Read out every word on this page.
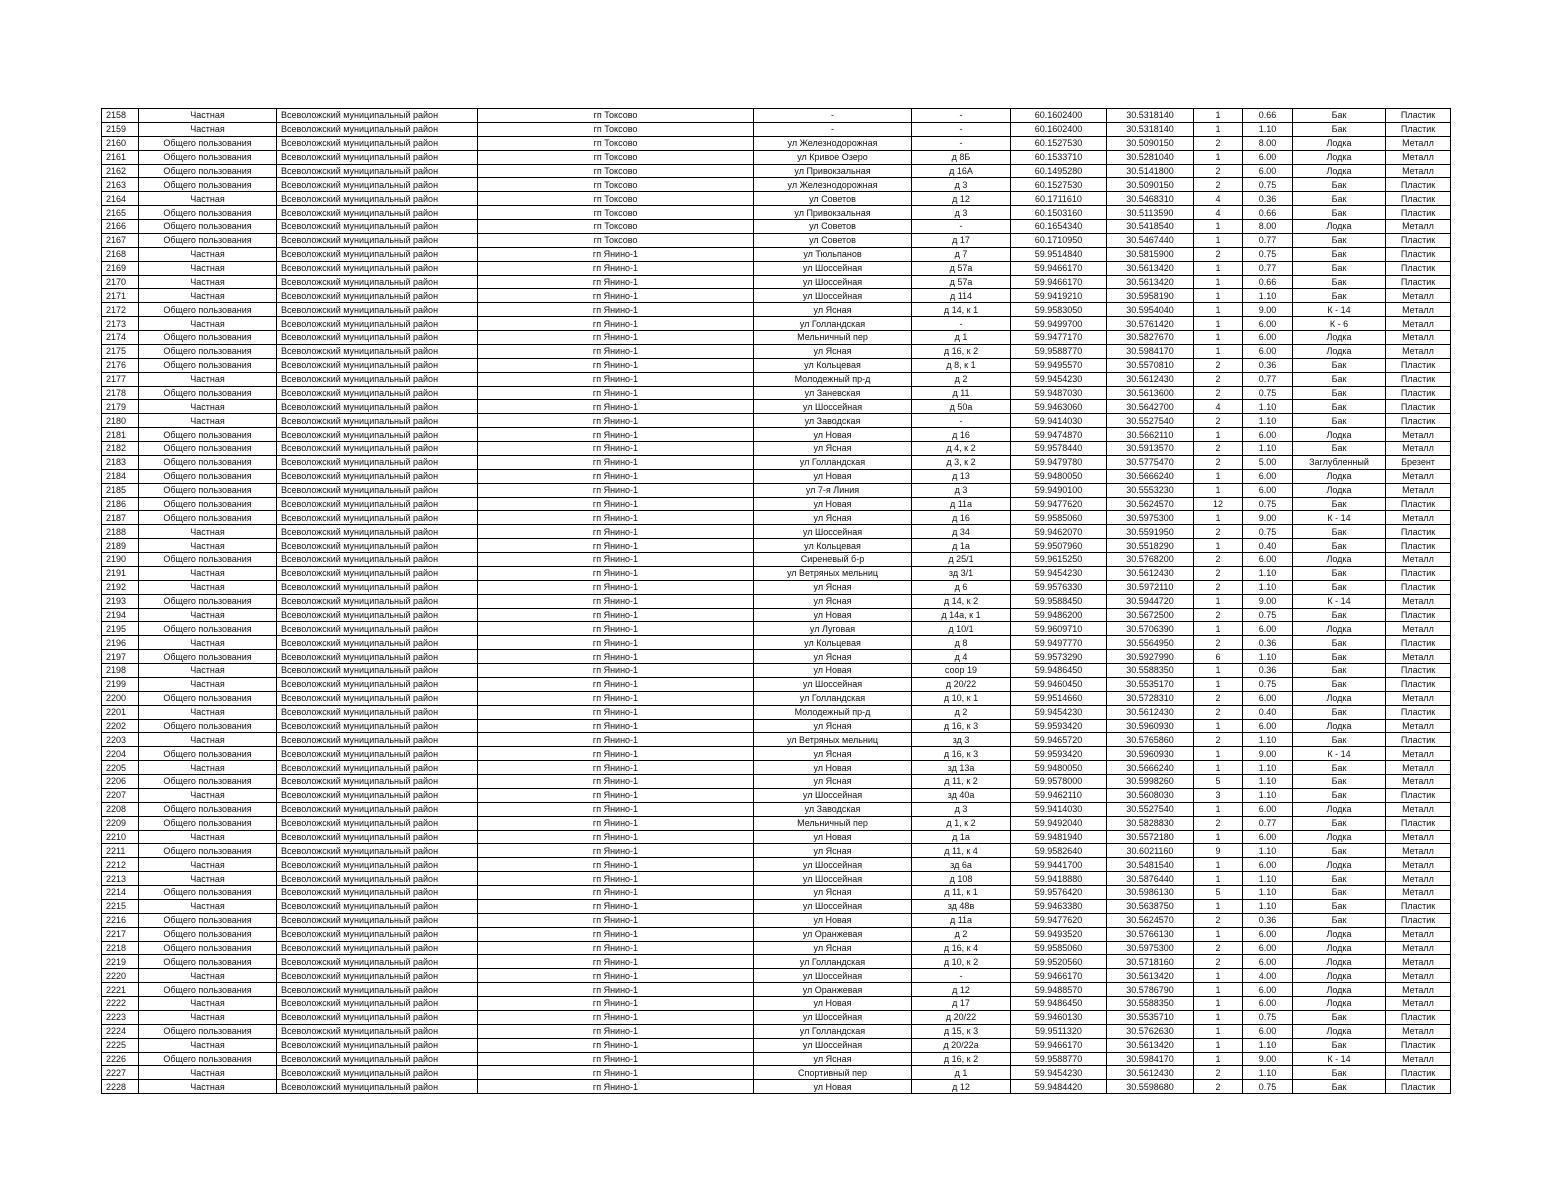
2158	Частная	Всеволожский муниципальный район	гп Токсово	-	-	60.1602400	30.5318140	1	0.66	Бак	Пластик
2159	Частная	Всеволожский муниципальный район	гп Токсово	-	-	60.1602400	30.5318140	1	1.10	Бак	Пластик
2160	Общего пользования	Всеволожский муниципальный район	гп Токсово	ул Железнодорожная	-	60.1527530	30.5090150	2	8.00	Лодка	Металл
2161	Общего пользования	Всеволожский муниципальный район	гп Токсово	ул Кривое Озеро	д 8Б	60.1533710	30.5281040	1	6.00	Лодка	Металл
2162	Общего пользования	Всеволожский муниципальный район	гп Токсово	ул Привокзальная	д 16А	60.1495280	30.5141800	2	6.00	Лодка	Металл
2163	Общего пользования	Всеволожский муниципальный район	гп Токсово	ул Железнодорожная	д 3	60.1527530	30.5090150	2	0.75	Бак	Пластик
2164	Частная	Всеволожский муниципальный район	гп Токсово	ул Советов	д 12	60.1711610	30.5468310	4	0.36	Бак	Пластик
2165	Общего пользования	Всеволожский муниципальный район	гп Токсово	ул Привокзальная	д 3	60.1503160	30.5113590	4	0.66	Бак	Пластик
2166	Общего пользования	Всеволожский муниципальный район	гп Токсово	ул Советов	-	60.1654340	30.5418540	1	8.00	Лодка	Металл
2167	Общего пользования	Всеволожский муниципальный район	гп Токсово	ул Советов	д 17	60.1710950	30.5467440	1	0.77	Бак	Пластик
2168	Частная	Всеволожский муниципальный район	гп Янино-1	ул Тюльпанов	д 7	59.9514840	30.5815900	2	0.75	Бак	Пластик
2169	Частная	Всеволожский муниципальный район	гп Янино-1	ул Шоссейная	д 57а	59.9466170	30.5613420	1	0.77	Бак	Пластик
2170	Частная	Всеволожский муниципальный район	гп Янино-1	ул Шоссейная	д 57а	59.9466170	30.5613420	1	0.66	Бак	Пластик
2171	Частная	Всеволожский муниципальный район	гп Янино-1	ул Шоссейная	д 114	59.9419210	30.5958190	1	1.10	Бак	Металл
2172	Общего пользования	Всеволожский муниципальный район	гп Янино-1	ул Ясная	д 14, к 1	59.9583050	30.5954040	1	9.00	К - 14	Металл
2173	Частная	Всеволожский муниципальный район	гп Янино-1	ул Голландская	-	59.9499700	30.5761420	1	6.00	К - 6	Металл
2174	Общего пользования	Всеволожский муниципальный район	гп Янино-1	Мельничный пер	д 1	59.9477170	30.5827670	1	6.00	Лодка	Металл
2175	Общего пользования	Всеволожский муниципальный район	гп Янино-1	ул Ясная	д 16, к 2	59.9588770	30.5984170	1	6.00	Лодка	Металл
2176	Общего пользования	Всеволожский муниципальный район	гп Янино-1	ул Кольцевая	д 8, к 1	59.9495570	30.5570810	2	0.36	Бак	Пластик
2177	Частная	Всеволожский муниципальный район	гп Янино-1	Молодежный пр-д	д 2	59.9454230	30.5612430	2	0.77	Бак	Пластик
2178	Общего пользования	Всеволожский муниципальный район	гп Янино-1	ул Заневская	д 11	59.9487030	30.5613600	2	0.75	Бак	Пластик
2179	Частная	Всеволожский муниципальный район	гп Янино-1	ул Шоссейная	д 50а	59.9463060	30.5642700	4	1.10	Бак	Пластик
2180	Частная	Всеволожский муниципальный район	гп Янино-1	ул Заводская	-	59.9414030	30.5527540	2	1.10	Бак	Пластик
2181	Общего пользования	Всеволожский муниципальный район	гп Янино-1	ул Новая	д 16	59.9474870	30.5662110	1	6.00	Лодка	Металл
2182	Общего пользования	Всеволожский муниципальный район	гп Янино-1	ул Ясная	д 4, к 2	59.9578440	30.5913570	2	1.10	Бак	Металл
2183	Общего пользования	Всеволожский муниципальный район	гп Янино-1	ул Голландская	д 3, к 2	59.9479780	30.5775470	2	5.00	Заглубленный	Брезент
2184	Общего пользования	Всеволожский муниципальный район	гп Янино-1	ул Новая	д 13	59.9480050	30.5666240	1	6.00	Лодка	Металл
2185	Общего пользования	Всеволожский муниципальный район	гп Янино-1	ул 7-я Линия	д 3	59.9490100	30.5553230	1	6.00	Лодка	Металл
2186	Общего пользования	Всеволожский муниципальный район	гп Янино-1	ул Новая	д 11а	59.9477620	30.5624570	12	0.75	Бак	Пластик
2187	Общего пользования	Всеволожский муниципальный район	гп Янино-1	ул Ясная	д 16	59.9585060	30.5975300	1	9.00	К - 14	Металл
2188	Частная	Всеволожский муниципальный район	гп Янино-1	ул Шоссейная	д 34	59.9462070	30.5591950	2	0.75	Бак	Пластик
2189	Частная	Всеволожский муниципальный район	гп Янино-1	ул Кольцевая	д 1а	59.9507960	30.5518290	1	0.40	Бак	Пластик
2190	Общего пользования	Всеволожский муниципальный район	гп Янино-1	Сиреневый б-р	д 25/1	59.9615250	30.5768200	2	6.00	Лодка	Металл
2191	Частная	Всеволожский муниципальный район	гп Янино-1	ул Ветряных мельниц	зд 3/1	59.9454230	30.5612430	2	1.10	Бак	Пластик
2192	Частная	Всеволожский муниципальный район	гп Янино-1	ул Ясная	д 6	59.9576330	30.5972110	2	1.10	Бак	Пластик
2193	Общего пользования	Всеволожский муниципальный район	гп Янино-1	ул Ясная	д 14, к 2	59.9588450	30.5944720	1	9.00	К - 14	Металл
2194	Частная	Всеволожский муниципальный район	гп Янино-1	ул Новая	д 14а, к 1	59.9486200	30.5672500	2	0.75	Бак	Пластик
2195	Общего пользования	Всеволожский муниципальный район	гп Янино-1	ул Луговая	д 10/1	59.9609710	30.5706390	1	6.00	Лодка	Металл
2196	Частная	Всеволожский муниципальный район	гп Янино-1	ул Кольцевая	д 8	59.9497770	30.5564950	2	0.36	Бак	Пластик
2197	Общего пользования	Всеволожский муниципальный район	гп Янино-1	ул Ясная	д 4	59.9573290	30.5927990	6	1.10	Бак	Металл
2198	Частная	Всеволожский муниципальный район	гп Янино-1	ул Новая	соор 19	59.9486450	30.5588350	1	0.36	Бак	Пластик
2199	Частная	Всеволожский муниципальный район	гп Янино-1	ул Шоссейная	д 20/22	59.9460450	30.5535170	1	0.75	Бак	Пластик
2200	Общего пользования	Всеволожский муниципальный район	гп Янино-1	ул Голландская	д 10, к 1	59.9514660	30.5728310	2	6.00	Лодка	Металл
2201	Частная	Всеволожский муниципальный район	гп Янино-1	Молодежный пр-д	д 2	59.9454230	30.5612430	2	0.40	Бак	Пластик
2202	Общего пользования	Всеволожский муниципальный район	гп Янино-1	ул Ясная	д 16, к 3	59.9593420	30.5960930	1	6.00	Лодка	Металл
2203	Частная	Всеволожский муниципальный район	гп Янино-1	ул Ветряных мельниц	зд 3	59.9465720	30.5765860	2	1.10	Бак	Пластик
2204	Общего пользования	Всеволожский муниципальный район	гп Янино-1	ул Ясная	д 16, к 3	59.9593420	30.5960930	1	9.00	К - 14	Металл
2205	Частная	Всеволожский муниципальный район	гп Янино-1	ул Новая	зд 13а	59.9480050	30.5666240	1	1.10	Бак	Металл
2206	Общего пользования	Всеволожский муниципальный район	гп Янино-1	ул Ясная	д 11, к 2	59.9578000	30.5998260	5	1.10	Бак	Металл
2207	Частная	Всеволожский муниципальный район	гп Янино-1	ул Шоссейная	зд 40а	59.9462110	30.5608030	3	1.10	Бак	Пластик
2208	Общего пользования	Всеволожский муниципальный район	гп Янино-1	ул Заводская	д 3	59.9414030	30.5527540	1	6.00	Лодка	Металл
2209	Общего пользования	Всеволожский муниципальный район	гп Янино-1	Мельничный пер	д 1, к 2	59.9492040	30.5828830	2	0.77	Бак	Пластик
2210	Частная	Всеволожский муниципальный район	гп Янино-1	ул Новая	д 1а	59.9481940	30.5572180	1	6.00	Лодка	Металл
2211	Общего пользования	Всеволожский муниципальный район	гп Янино-1	ул Ясная	д 11, к 4	59.9582640	30.6021160	9	1.10	Бак	Металл
2212	Частная	Всеволожский муниципальный район	гп Янино-1	ул Шоссейная	зд 6а	59.9441700	30.5481540	1	6.00	Лодка	Металл
2213	Частная	Всеволожский муниципальный район	гп Янино-1	ул Шоссейная	д 108	59.9418880	30.5876440	1	1.10	Бак	Металл
2214	Общего пользования	Всеволожский муниципальный район	гп Янино-1	ул Ясная	д 11, к 1	59.9576420	30.5986130	5	1.10	Бак	Металл
2215	Частная	Всеволожский муниципальный район	гп Янино-1	ул Шоссейная	зд 48в	59.9463380	30.5638750	1	1.10	Бак	Пластик
2216	Общего пользования	Всеволожский муниципальный район	гп Янино-1	ул Новая	д 11а	59.9477620	30.5624570	2	0.36	Бак	Пластик
2217	Общего пользования	Всеволожский муниципальный район	гп Янино-1	ул Оранжевая	д 2	59.9493520	30.5766130	1	6.00	Лодка	Металл
2218	Общего пользования	Всеволожский муниципальный район	гп Янино-1	ул Ясная	д 16, к 4	59.9585060	30.5975300	2	6.00	Лодка	Металл
2219	Общего пользования	Всеволожский муниципальный район	гп Янино-1	ул Голландская	д 10, к 2	59.9520560	30.5718160	2	6.00	Лодка	Металл
2220	Частная	Всеволожский муниципальный район	гп Янино-1	ул Шоссейная	-	59.9466170	30.5613420	1	4.00	Лодка	Металл
2221	Общего пользования	Всеволожский муниципальный район	гп Янино-1	ул Оранжевая	д 12	59.9488570	30.5786790	1	6.00	Лодка	Металл
2222	Частная	Всеволожский муниципальный район	гп Янино-1	ул Новая	д 17	59.9486450	30.5588350	1	6.00	Лодка	Металл
2223	Частная	Всеволожский муниципальный район	гп Янино-1	ул Шоссейная	д 20/22	59.9460130	30.5535710	1	0.75	Бак	Пластик
2224	Общего пользования	Всеволожский муниципальный район	гп Янино-1	ул Голландская	д 15, к 3	59.9511320	30.5762630	1	6.00	Лодка	Металл
2225	Частная	Всеволожский муниципальный район	гп Янино-1	ул Шоссейная	д 20/22а	59.9466170	30.5613420	1	1.10	Бак	Пластик
2226	Общего пользования	Всеволожский муниципальный район	гп Янино-1	ул Ясная	д 16, к 2	59.9588770	30.5984170	1	9.00	К - 14	Металл
2227	Частная	Всеволожский муниципальный район	гп Янино-1	Спортивный пер	д 1	59.9454230	30.5612430	2	1.10	Бак	Пластик
2228	Частная	Всеволожский муниципальный район	гп Янино-1	ул Новая	д 12	59.9484420	30.5598680	2	0.75	Бак	Пластик
